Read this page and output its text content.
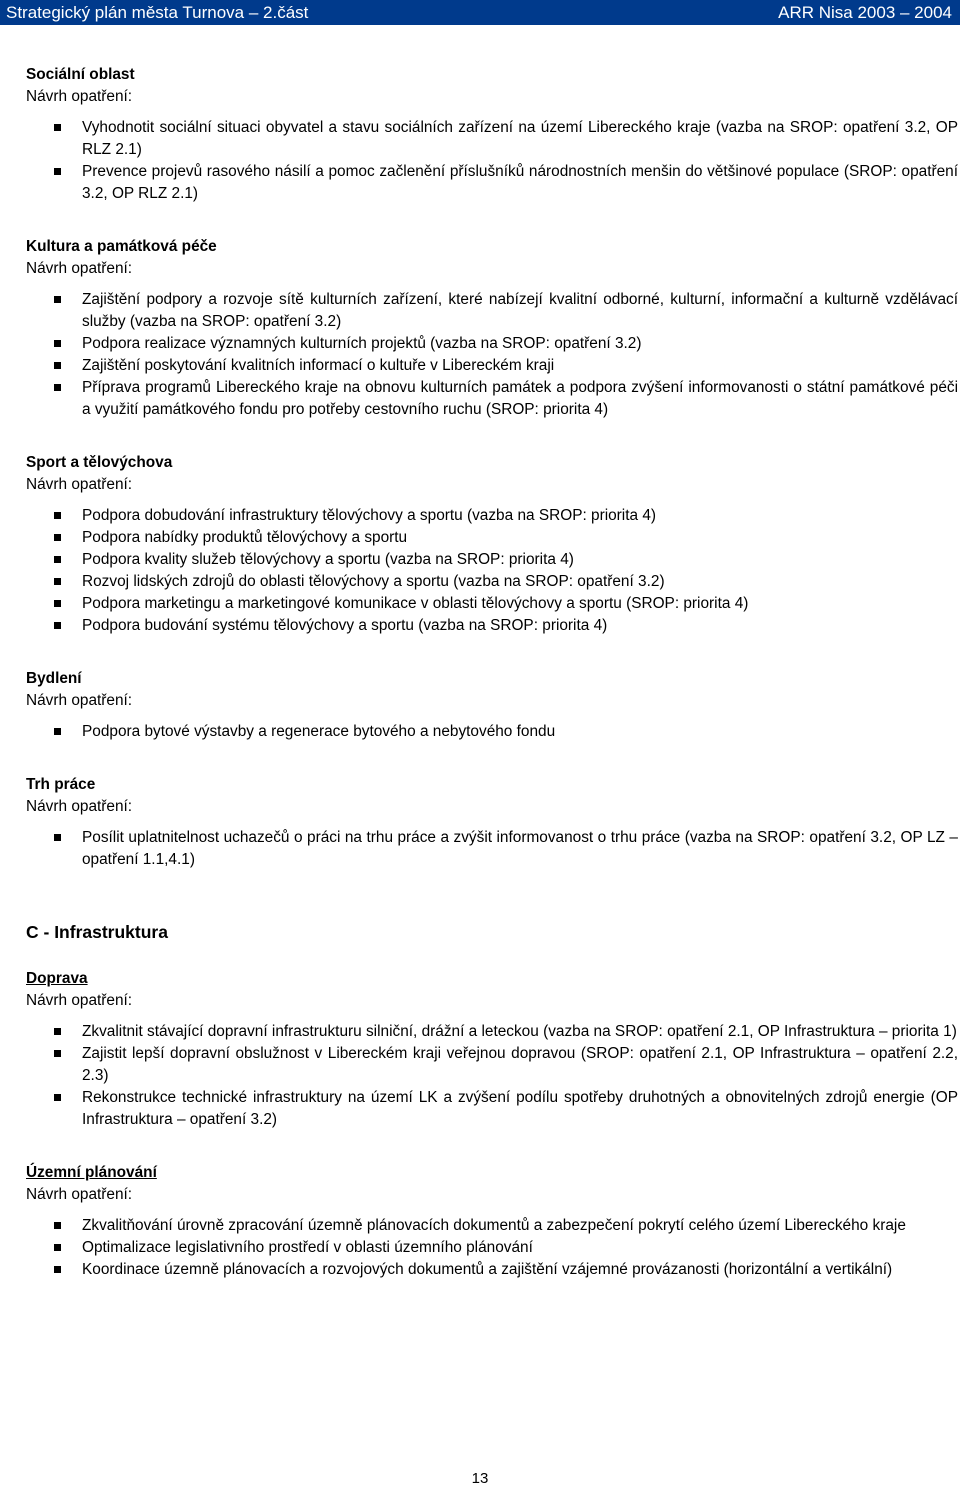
Strategický plán města Turnova – 2.část	ARR Nisa 2003 – 2004

Sociální oblast

Návrh opatření:

Vyhodnotit sociální situaci obyvatel a stavu sociálních zařízení na území Libereckého kraje (vazba na SROP: opatření 3.2, OP RLZ 2.1)
Prevence projevů rasového násilí a pomoc začlenění příslušníků národnostních menšin do většinové populace (SROP: opatření 3.2, OP RLZ 2.1)

Kultura a památková péče

Návrh opatření:

Zajištění podpory a rozvoje sítě kulturních zařízení, které nabízejí kvalitní odborné, kulturní, informační a kulturně vzdělávací služby (vazba na SROP: opatření 3.2)
Podpora realizace významných kulturních projektů (vazba na SROP: opatření 3.2)
Zajištění poskytování kvalitních informací o kultuře v Libereckém kraji
Příprava programů Libereckého kraje na obnovu kulturních památek a podpora zvýšení informovanosti o státní památkové péči a využití památkového fondu pro potřeby cestovního ruchu (SROP: priorita 4)

Sport a tělovýchova

Návrh opatření:

Podpora dobudování infrastruktury tělovýchovy a sportu (vazba na SROP: priorita 4)
Podpora nabídky produktů tělovýchovy a sportu
Podpora kvality služeb tělovýchovy a sportu (vazba na SROP: priorita 4)
Rozvoj lidských zdrojů do oblasti tělovýchovy a sportu (vazba na SROP: opatření 3.2)
Podpora marketingu a marketingové komunikace v oblasti tělovýchovy a sportu (SROP: priorita 4)
Podpora budování systému tělovýchovy a sportu (vazba na SROP: priorita 4)

Bydlení

Návrh opatření:

Podpora bytové výstavby a regenerace bytového a nebytového fondu

Trh práce

Návrh opatření:

Posílit uplatnitelnost uchazečů o práci na trhu práce a zvýšit informovanost o trhu práce (vazba na SROP: opatření 3.2, OP LZ – opatření 1.1,4.1)

C - Infrastruktura

Doprava

Návrh opatření:

Zkvalitnit stávající dopravní infrastrukturu silniční, drážní a leteckou (vazba na SROP: opatření 2.1, OP Infrastruktura – priorita 1)
Zajistit lepší dopravní obslužnost v Libereckém kraji veřejnou dopravou (SROP: opatření 2.1, OP Infrastruktura – opatření 2.2, 2.3)
Rekonstrukce technické infrastruktury na území LK a zvýšení podílu spotřeby druhotných a obnovitelných zdrojů energie (OP Infrastruktura – opatření 3.2)

Územní plánování

Návrh opatření:

Zkvalitňování úrovně zpracování územně plánovacích dokumentů a zabezpečení pokrytí celého území Libereckého kraje
Optimalizace legislativního prostředí v oblasti územního plánování
Koordinace územně plánovacích a rozvojových dokumentů a zajištění vzájemné provázanosti (horizontální a vertikální)
13
